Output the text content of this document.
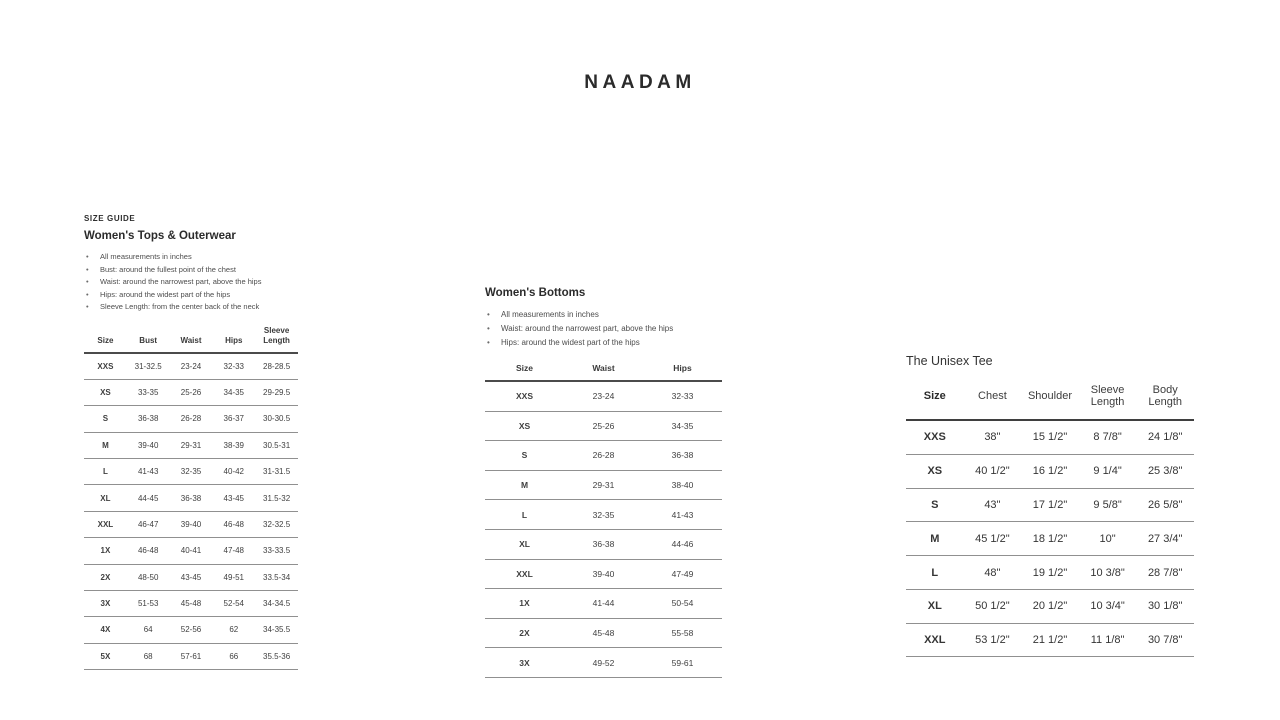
NAADAM
SIZE GUIDE
Women's Tops & Outerwear
• All measurements in inches
• Bust: around the fullest point of the chest
• Waist: around the narrowest part, above the hips
• Hips: around the widest part of the hips
• Sleeve Length: from the center back of the neck
Size	Bust	Waist	Hips	Sleeve Length
XXS	31-32.5	23-24	32-33	28-28.5
XS	33-35	25-26	34-35	29-29.5
S	36-38	26-28	36-37	30-30.5
M	39-40	29-31	38-39	30.5-31
L	41-43	32-35	40-42	31-31.5
XL	44-45	36-38	43-45	31.5-32
XXL	46-47	39-40	46-48	32-32.5
1X	46-48	40-41	47-48	33-33.5
2X	48-50	43-45	49-51	33.5-34
3X	51-53	45-48	52-54	34-34.5
4X	64	52-56	62	34-35.5
5X	68	57-61	66	35.5-36
Women's Bottoms
• All measurements in inches
• Waist: around the narrowest part, above the hips
• Hips: around the widest part of the hips
Size	Waist	Hips
XXS	23-24	32-33
XS	25-26	34-35
S	26-28	36-38
M	29-31	38-40
L	32-35	41-43
XL	36-38	44-46
XXL	39-40	47-49
1X	41-44	50-54
2X	45-48	55-58
3X	49-52	59-61
The Unisex Tee
Size	Chest	Shoulder	Sleeve Length	Body Length
XXS	38"	15 1/2"	8 7/8"	24 1/8"
XS	40 1/2"	16 1/2"	9 1/4"	25 3/8"
S	43"	17 1/2"	9 5/8"	26 5/8"
M	45 1/2"	18 1/2"	10"	27 3/4"
L	48"	19 1/2"	10 3/8"	28 7/8"
XL	50 1/2"	20 1/2"	10 3/4"	30 1/8"
XXL	53 1/2"	21 1/2"	11 1/8"	30 7/8"
